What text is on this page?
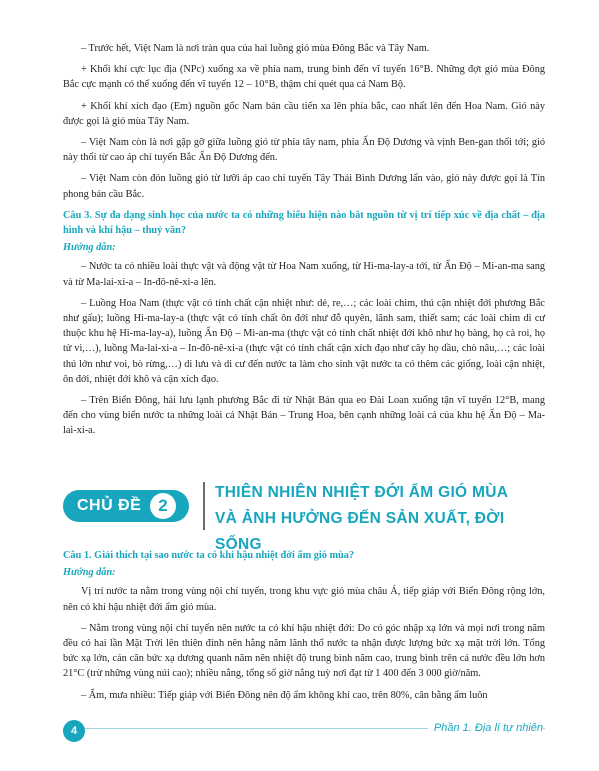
– Trước hết, Việt Nam là nơi tràn qua của hai luồng gió mùa Đông Bắc và Tây Nam.

+ Khối khí cực lục địa (NPc) xuống xa về phía nam, trung bình đến vĩ tuyến 16°B. Những đợt gió mùa Đông Bắc cực mạnh có thể xuống đến vĩ tuyến 12 – 10°B, thậm chí quét qua cả Nam Bộ.

+ Khối khí xích đạo (Em) nguồn gốc Nam bán cầu tiến xa lên phía bắc, cao nhất lên đến Hoa Nam. Gió này được gọi là gió mùa Tây Nam.

– Việt Nam còn là nơi gặp gỡ giữa luồng gió từ phía tây nam, phía Ấn Độ Dương và vịnh Ben-gan thổi tới; gió này thổi từ cao áp chí tuyến Bắc Ấn Độ Dương đến.

– Việt Nam còn đón luồng gió từ lưỡi áp cao chí tuyến Tây Thái Bình Dương lấn vào, gió này được gọi là Tín phong bán cầu Bắc.

Câu 3. Sự đa dạng sinh học của nước ta có những biểu hiện nào bắt nguồn từ vị trí tiếp xúc về địa chất – địa hình và khí hậu – thuỷ văn?
Hướng dẫn:

– Nước ta có nhiều loài thực vật và động vật từ Hoa Nam xuống, từ Hi-ma-lay-a tới, từ Ấn Độ – Mi-an-ma sang và từ Ma-lai-xi-a – In-đô-nê-xi-a lên.

– Luồng Hoa Nam (thực vật có tính chất cận nhiệt như: dẻ, re,…; các loài chim, thú cận nhiệt đới phương Bắc như gấu); luồng Hi-ma-lay-a (thực vật có tính chất ôn đới như đỗ quyên, lãnh sam, thiết sam; các loài chim di cư thuộc khu hệ Hi-ma-lay-a), luồng Ấn Độ – Mi-an-ma (thực vật có tính chất nhiệt đới khô như họ bàng, họ cà roi, họ tử vi,…), luồng Ma-lai-xi-a – In-đô-nê-xi-a (thực vật có tính chất cận xích đạo như cây họ dầu, chò nâu,…; các loài thú lớn như voi, bò rừng,…) di lưu và di cư đến nước ta làm cho sinh vật nước ta có thêm các giống, loài cận nhiệt, ôn đới, nhiệt đới khô và cận xích đạo.

– Trên Biển Đông, hải lưu lạnh phương Bắc đi từ Nhật Bản qua eo Đài Loan xuống tận vĩ tuyến 12°B, mang đến cho vùng biển nước ta những loài cá Nhật Bản – Trung Hoa, bên cạnh những loài cá của khu hệ Ấn Độ – Ma-lai-xi-a.

CHỦ ĐỀ 2
THIÊN NHIÊN NHIỆT ĐỚI ẨM GIÓ MÙA
VÀ ẢNH HƯỞNG ĐẾN SẢN XUẤT, ĐỜI SỐNG
Câu 1. Giải thích tại sao nước ta có khí hậu nhiệt đới ẩm gió mùa?
Hướng dẫn:

Vị trí nước ta nằm trong vùng nội chí tuyến, trong khu vực gió mùa châu Á, tiếp giáp với Biển Đông rộng lớn, nên có khí hậu nhiệt đới ẩm gió mùa.

– Nằm trong vùng nội chí tuyến nên nước ta có khí hậu nhiệt đới: Do có góc nhập xạ lớn và mọi nơi trong năm đều có hai lần Mặt Trời lên thiên đỉnh nên hằng năm lãnh thổ nước ta nhận được lượng bức xạ mặt trời lớn. Tổng bức xạ lớn, cán cân bức xạ dương quanh năm nên nhiệt độ trung bình năm cao, trung bình trên cả nước đều lớn hơn 21°C (trừ những vùng núi cao); nhiều nắng, tổng số giờ nắng tuỳ nơi đạt từ 1 400 đến 3 000 giờ/năm.

– Ẩm, mưa nhiều: Tiếp giáp với Biển Đông nên độ ẩm không khí cao, trên 80%, cân bằng ẩm luôn

4	Phần 1. Địa lí tự nhiên
